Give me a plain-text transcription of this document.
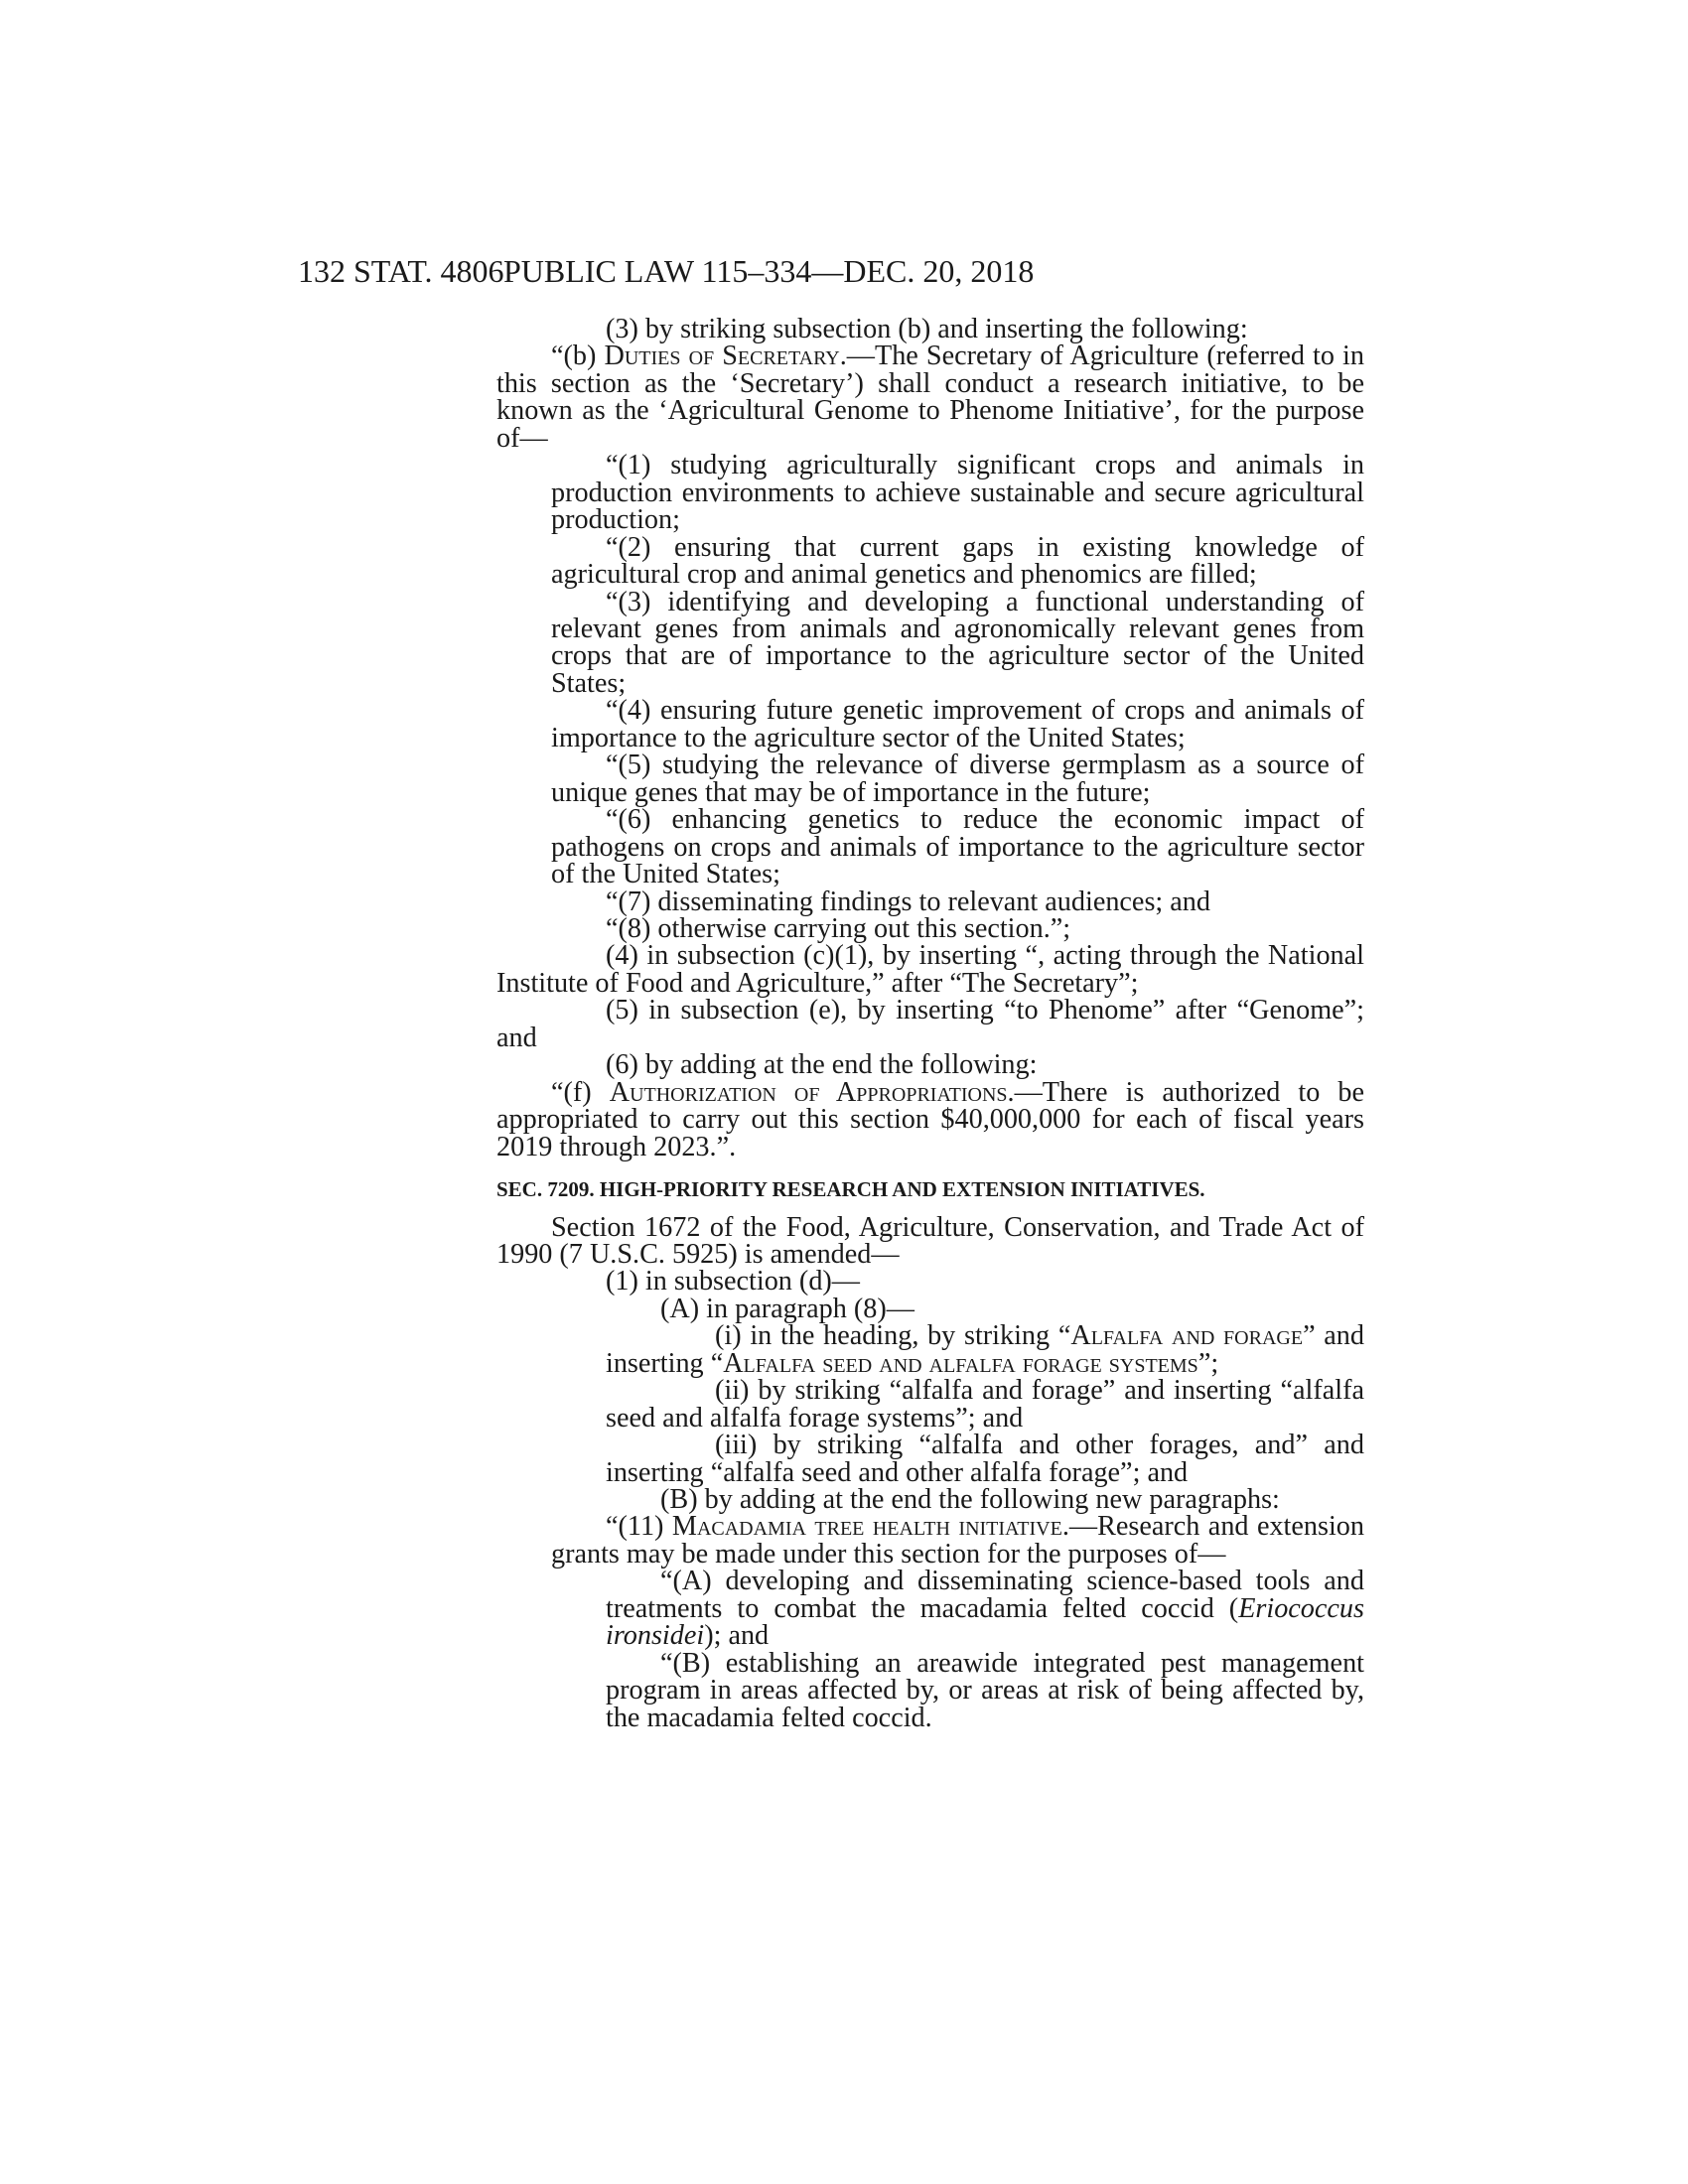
132 STAT. 4806 PUBLIC LAW 115–334—DEC. 20, 2018

(3) by striking subsection (b) and inserting the following:

“(b) Duties of Secretary.—The Secretary of Agriculture (referred to in this section as the ‘Secretary’) shall conduct a research initiative, to be known as the ‘Agricultural Genome to Phenome Initiative’, for the purpose of—

“(1) studying agriculturally significant crops and animals in production environments to achieve sustainable and secure agricultural production;

“(2) ensuring that current gaps in existing knowledge of agricultural crop and animal genetics and phenomics are filled;

“(3) identifying and developing a functional understanding of relevant genes from animals and agronomically relevant genes from crops that are of importance to the agriculture sector of the United States;

“(4) ensuring future genetic improvement of crops and animals of importance to the agriculture sector of the United States;

“(5) studying the relevance of diverse germplasm as a source of unique genes that may be of importance in the future;

“(6) enhancing genetics to reduce the economic impact of pathogens on crops and animals of importance to the agriculture sector of the United States;

“(7) disseminating findings to relevant audiences; and

“(8) otherwise carrying out this section.”;

(4) in subsection (c)(1), by inserting “, acting through the National Institute of Food and Agriculture,” after “The Secretary”;

(5) in subsection (e), by inserting “to Phenome” after “Genome”; and

(6) by adding at the end the following:

“(f) Authorization of Appropriations.—There is authorized to be appropriated to carry out this section $40,000,000 for each of fiscal years 2019 through 2023.”.

SEC. 7209. HIGH-PRIORITY RESEARCH AND EXTENSION INITIATIVES.

Section 1672 of the Food, Agriculture, Conservation, and Trade Act of 1990 (7 U.S.C. 5925) is amended—

(1) in subsection (d)—

(A) in paragraph (8)—

(i) in the heading, by striking “Alfalfa and forage” and inserting “Alfalfa seed and alfalfa forage systems”;

(ii) by striking “alfalfa and forage” and inserting “alfalfa seed and alfalfa forage systems”; and

(iii) by striking “alfalfa and other forages, and” and inserting “alfalfa seed and other alfalfa forage”; and

(B) by adding at the end the following new paragraphs:

“(11) Macadamia tree health initiative.—Research and extension grants may be made under this section for the purposes of—

“(A) developing and disseminating science-based tools and treatments to combat the macadamia felted coccid (Eriococcus ironsidei); and

“(B) establishing an areawide integrated pest management program in areas affected by, or areas at risk of being affected by, the macadamia felted coccid.
